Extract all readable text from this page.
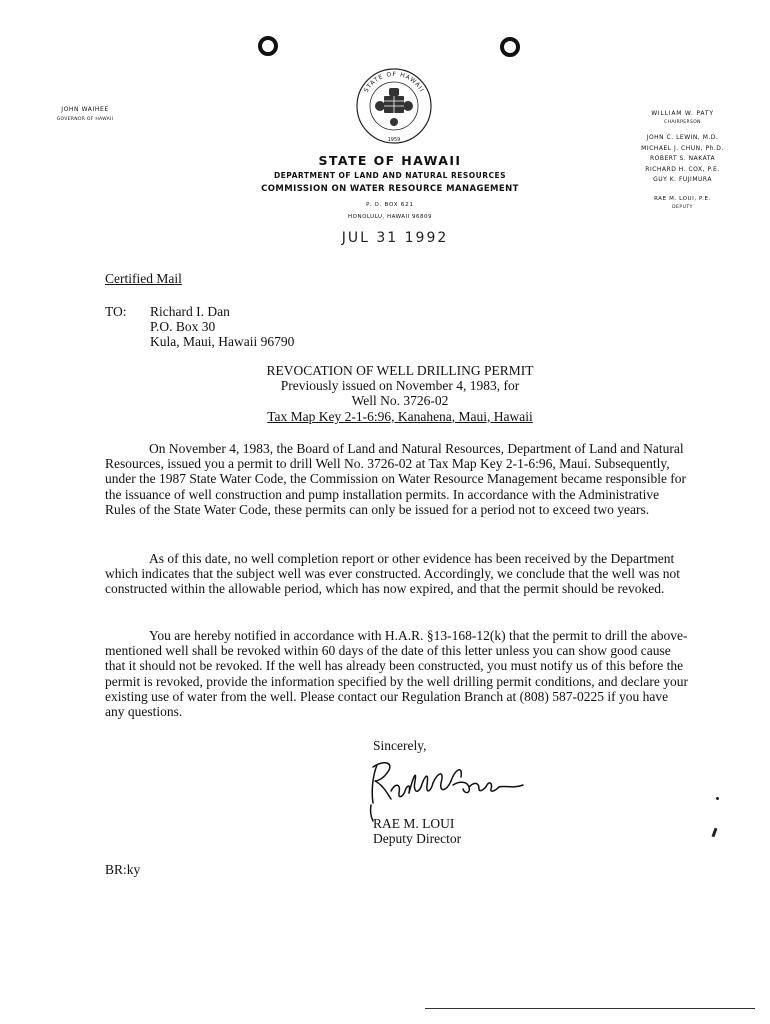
JOHN WAIHEE
GOVERNOR OF HAWAII
STATE OF HAWAII
1959
STATE OF HAWAII
DEPARTMENT OF LAND AND NATURAL RESOURCES
COMMISSION ON WATER RESOURCE MANAGEMENT
P. O. BOX 621
HONOLULU, HAWAII 96809
JUL 31 1992
WILLIAM W. PATY
CHAIRPERSON
JOHN C. LEWIN, M.D.
MICHAEL J. CHUN, Ph.D.
ROBERT S. NAKATA
RICHARD H. COX, P.E.
GUY K. FUJIMURA
RAE M. LOUI, P.E.
DEPUTY
Certified Mail
TO: Richard I. Dan
P.O. Box 30
Kula, Maui, Hawaii 96790
REVOCATION OF WELL DRILLING PERMIT
Previously issued on November 4, 1983, for
Well No. 3726-02
Tax Map Key 2-1-6:96, Kanahena, Maui, Hawaii

On November 4, 1983, the Board of Land and Natural Resources, Department of Land and Natural Resources, issued you a permit to drill Well No. 3726-02 at Tax Map Key 2-1-6:96, Maui. Subsequently, under the 1987 State Water Code, the Commission on Water Resource Management became responsible for the issuance of well construction and pump installation permits. In accordance with the Administrative Rules of the State Water Code, these permits can only be issued for a period not to exceed two years.

As of this date, no well completion report or other evidence has been received by the Department which indicates that the subject well was ever constructed. Accordingly, we conclude that the well was not constructed within the allowable period, which has now expired, and that the permit should be revoked.

You are hereby notified in accordance with H.A.R. §13-168-12(k) that the permit to drill the above-mentioned well shall be revoked within 60 days of the date of this letter unless you can show good cause that it should not be revoked. If the well has already been constructed, you must notify us of this before the permit is revoked, provide the information specified by the well drilling permit conditions, and declare your existing use of water from the well. Please contact our Regulation Branch at (808) 587-0225 if you have any questions.

Sincerely,
RAE M. LOUI
Deputy Director
BR:ky
